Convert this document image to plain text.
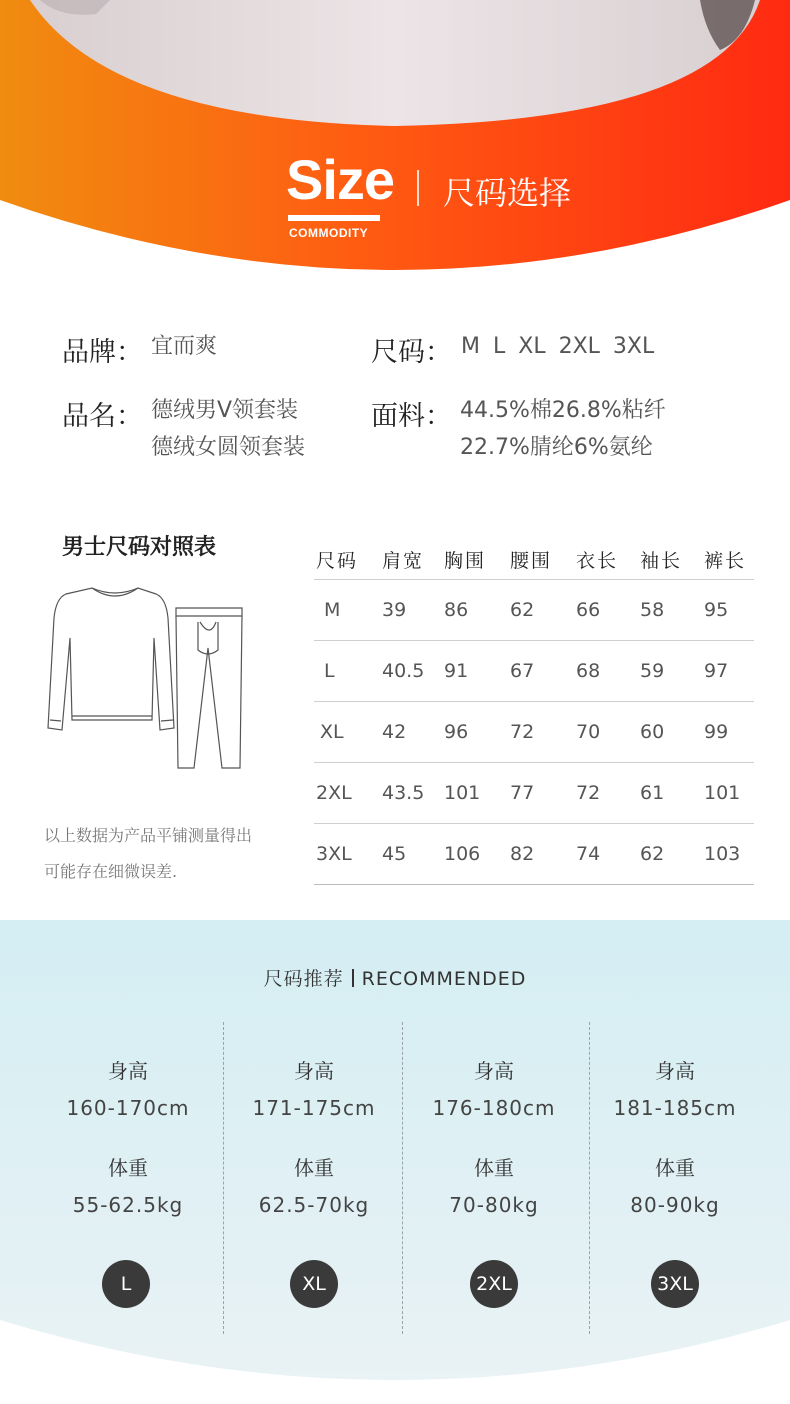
Size
COMMODITY
尺码选择
品牌： 宜而爽	尺码： M L XL 2XL 3XL
品名： 德绒男V领套装
德绒女圆领套装
面料： 44.5%棉26.8%粘纤
22.7%腈纶6%氨纶
男士尺码对照表
以上数据为产品平铺测量得出
可能存在细微误差.
尺码	肩宽	胸围	腰围	衣长	袖长	裤长
M	39	86	62	66	58	95
L	40.5	91	67	68	59	97
XL	42	96	72	70	60	99
2XL	43.5	101	77	72	61	101
3XL	45	106	82	74	62	103
尺码推荐 RECOMMENDED
身高
160-170cm
体重
55-62.5kg
身高
171-175cm
体重
62.5-70kg
身高
176-180cm
体重
70-80kg
身高
181-185cm
体重
80-90kg
L	XL	2XL	3XL
